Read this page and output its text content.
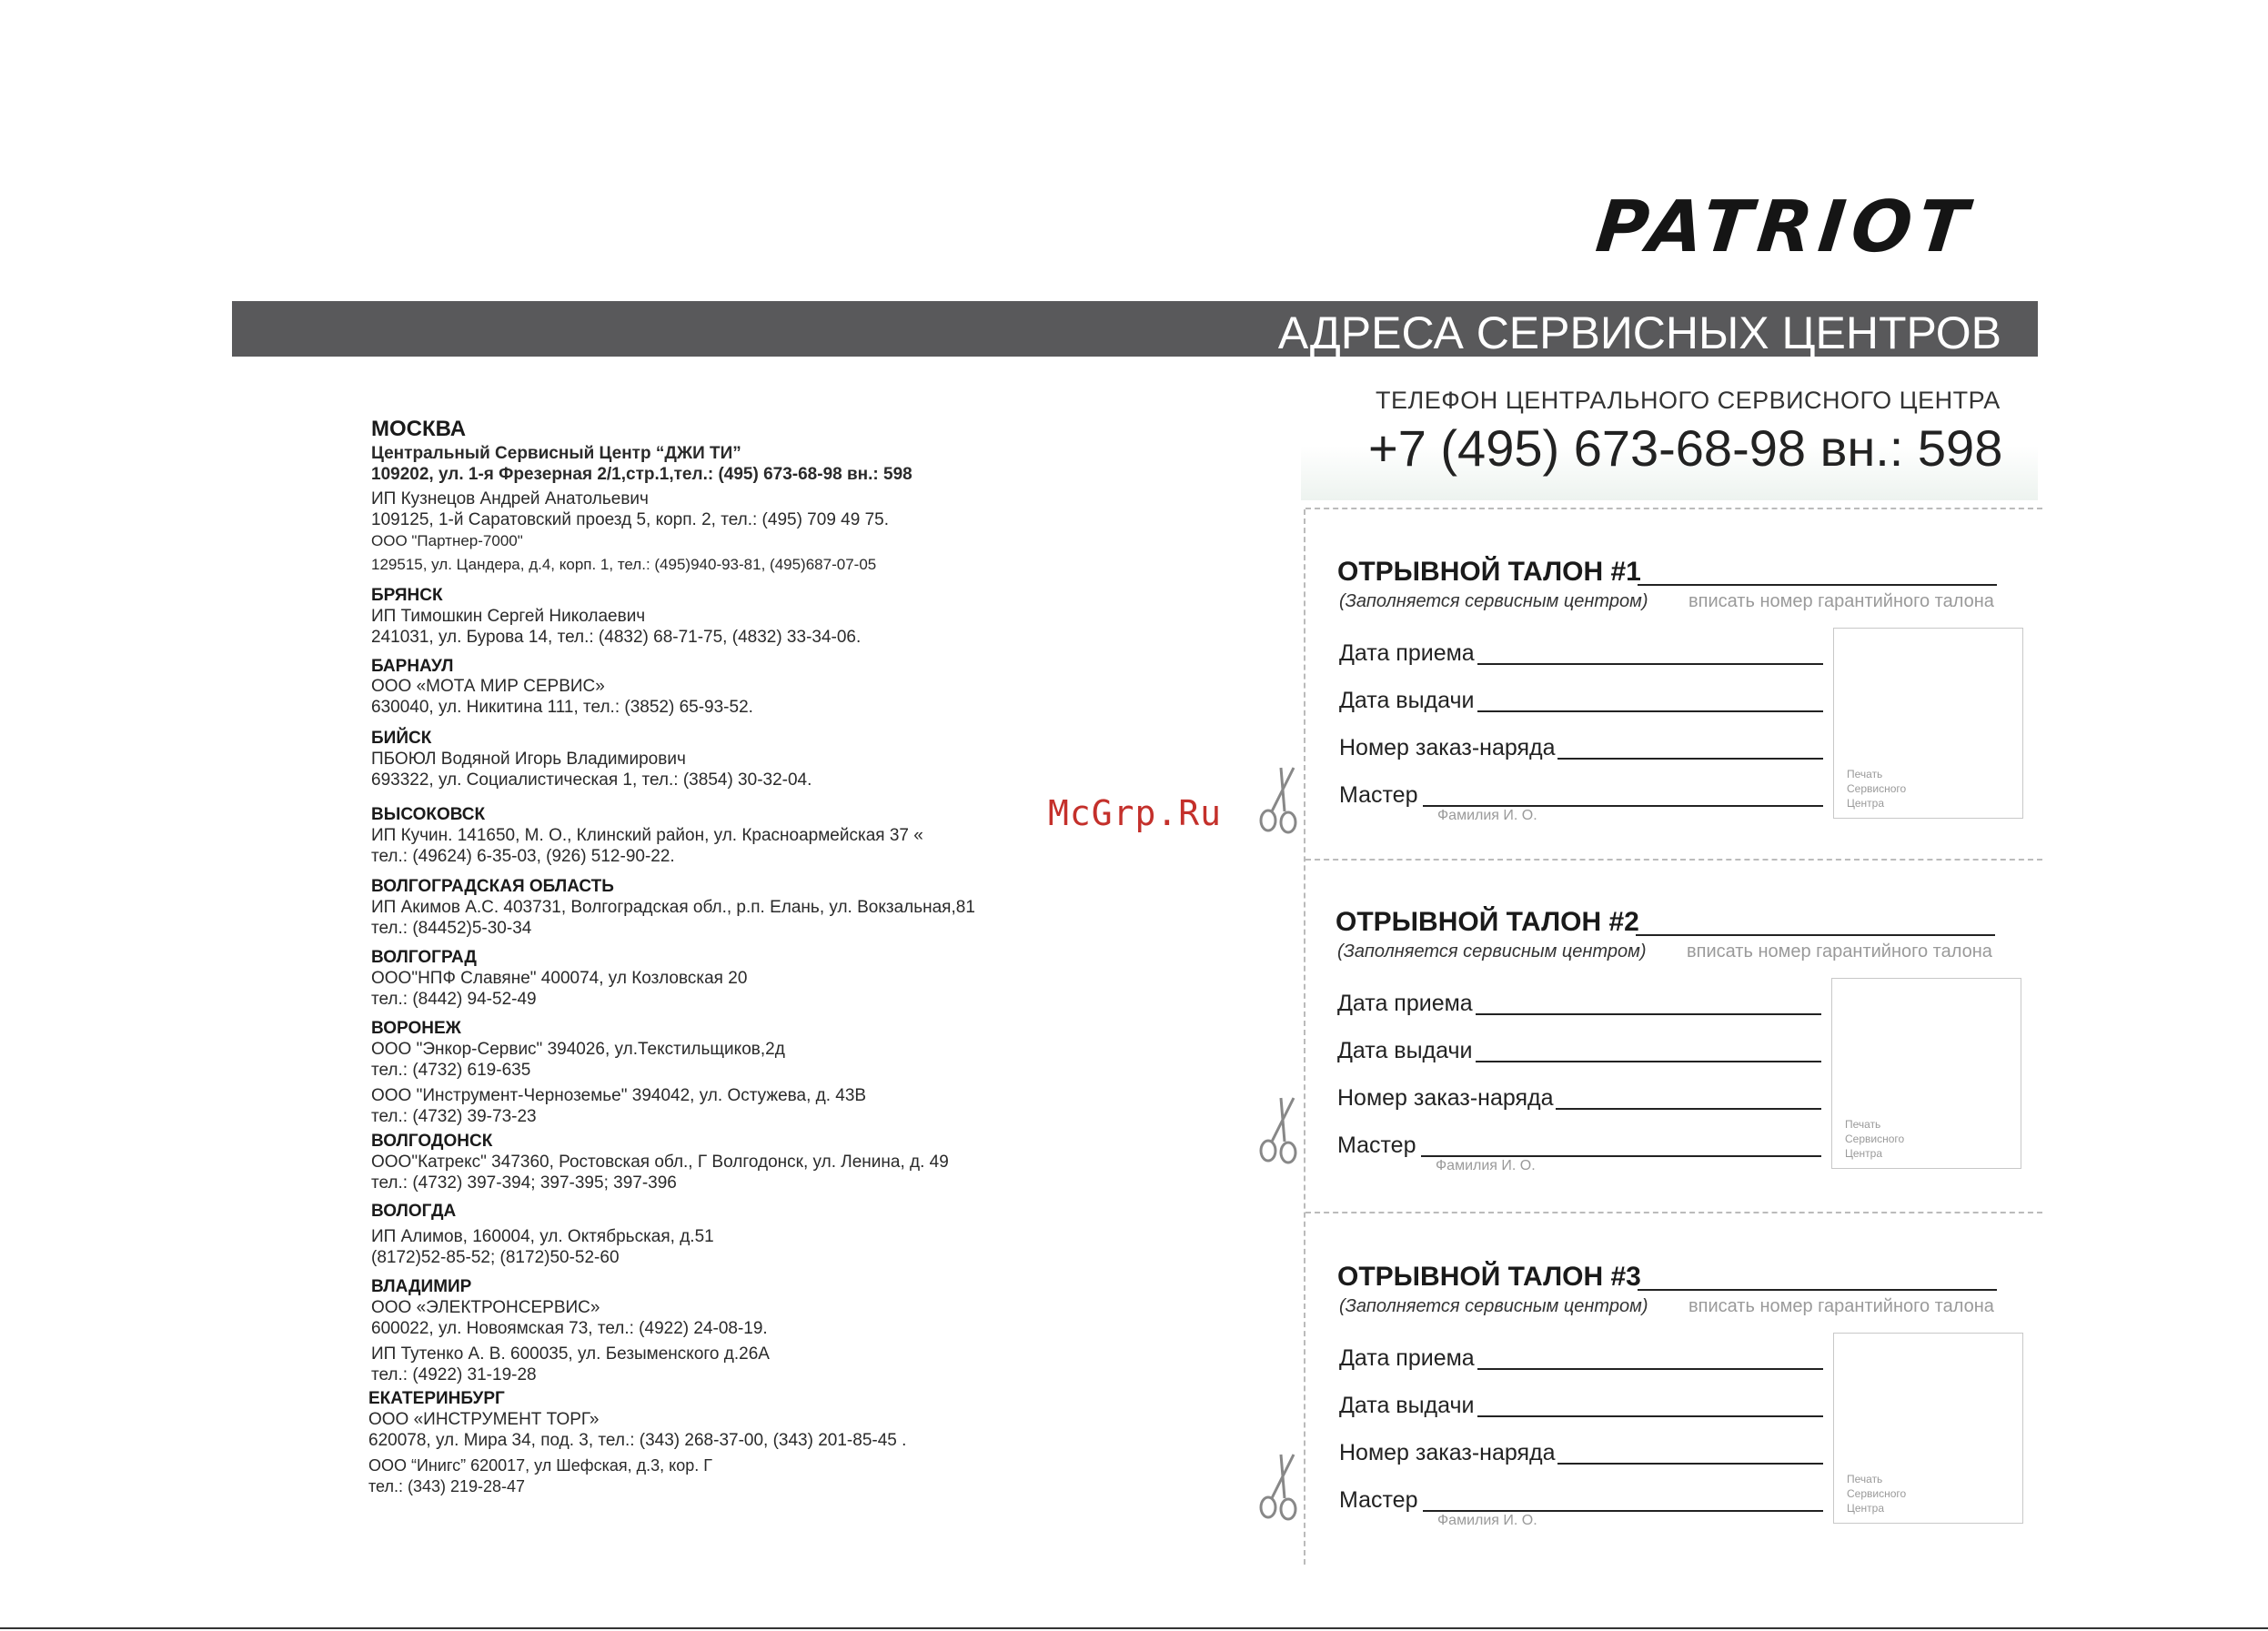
PATRIOT
АДРЕСА СЕРВИСНЫХ ЦЕНТРОВ
ТЕЛЕФОН ЦЕНТРАЛЬНОГО СЕРВИСНОГО ЦЕНТРА
+7 (495) 673-68-98 вн.: 598
МОСКВА
Центральный Сервисный Центр “ДЖИ ТИ”
109202, ул. 1-я Фрезерная 2/1,стр.1,тел.: (495) 673-68-98 вн.: 598
ИП Кузнецов Андрей Анатольевич
109125, 1-й Саратовский проезд 5, корп. 2, тел.: (495) 709 49 75.
ООО "Партнер-7000"
129515, ул. Цандера, д.4, корп. 1, тел.: (495)940-93-81, (495)687-07-05
БРЯНСК
ИП Тимошкин Сергей Николаевич
241031, ул. Бурова 14, тел.: (4832) 68-71-75, (4832) 33-34-06.
БАРНАУЛ
ООО «МОТА МИР СЕРВИС»
630040, ул. Никитина 111, тел.: (3852) 65-93-52.
БИЙСК
ПБОЮЛ Водяной Игорь Владимирович
693322, ул. Социалистическая 1, тел.: (3854) 30-32-04.
ВЫСОКОВСК
ИП Кучин. 141650, М. О., Клинский район, ул. Красноармейская 37 «
тел.: (49624) 6-35-03, (926) 512-90-22.
ВОЛГОГРАДСКАЯ ОБЛАСТЬ
ИП Акимов А.С. 403731, Волгоградская обл., р.п. Елань, ул. Вокзальная,81
тел.: (84452)5-30-34
ВОЛГОГРАД
ООО"НПФ Славяне" 400074, ул Козловская 20
тел.: (8442) 94-52-49
ВОРОНЕЖ
ООО "Энкор-Сервис" 394026, ул.Текстильщиков,2д
тел.: (4732) 619-635
ООО "Инструмент-Черноземье" 394042, ул. Остужева, д. 43В
тел.: (4732) 39-73-23
ВОЛГОДОНСК
ООО"Катрекс" 347360, Ростовская обл., Г Волгодонск, ул. Ленина, д. 49
тел.: (4732) 397-394; 397-395; 397-396
ВОЛОГДА
ИП Алимов, 160004, ул. Октябрьская, д.51
(8172)52-85-52; (8172)50-52-60
ВЛАДИМИР
ООО «ЭЛЕКТРОНСЕРВИС»
600022, ул. Новоямская 73, тел.: (4922) 24-08-19.
ИП Тутенко А. В. 600035, ул. Безыменского д.26А
тел.: (4922) 31-19-28
ЕКАТЕРИНБУРГ
ООО «ИНСТРУМЕНТ ТОРГ»
620078, ул. Мира 34, под. 3, тел.: (343) 268-37-00, (343) 201-85-45 .
ООО “Инигс” 620017, ул Шефская, д.3, кор. Г
тел.: (343) 219-28-47
ОТРЫВНОЙ ТАЛОН #1
(Заполняется сервисным центром) вписать номер гарантийного талона
Дата приема
Дата выдачи
Номер заказ-наряда
Мастер
Фамилия И. О.
Печать
Сервисного
Центра
ОТРЫВНОЙ ТАЛОН #2
(Заполняется сервисным центром) вписать номер гарантийного талона
Дата приема
Дата выдачи
Номер заказ-наряда
Мастер
Фамилия И. О.
Печать
Сервисного
Центра
ОТРЫВНОЙ ТАЛОН #3
(Заполняется сервисным центром) вписать номер гарантийного талона
Дата приема
Дата выдачи
Номер заказ-наряда
Мастер
Фамилия И. О.
Печать
Сервисного
Центра
McGrp.Ru
